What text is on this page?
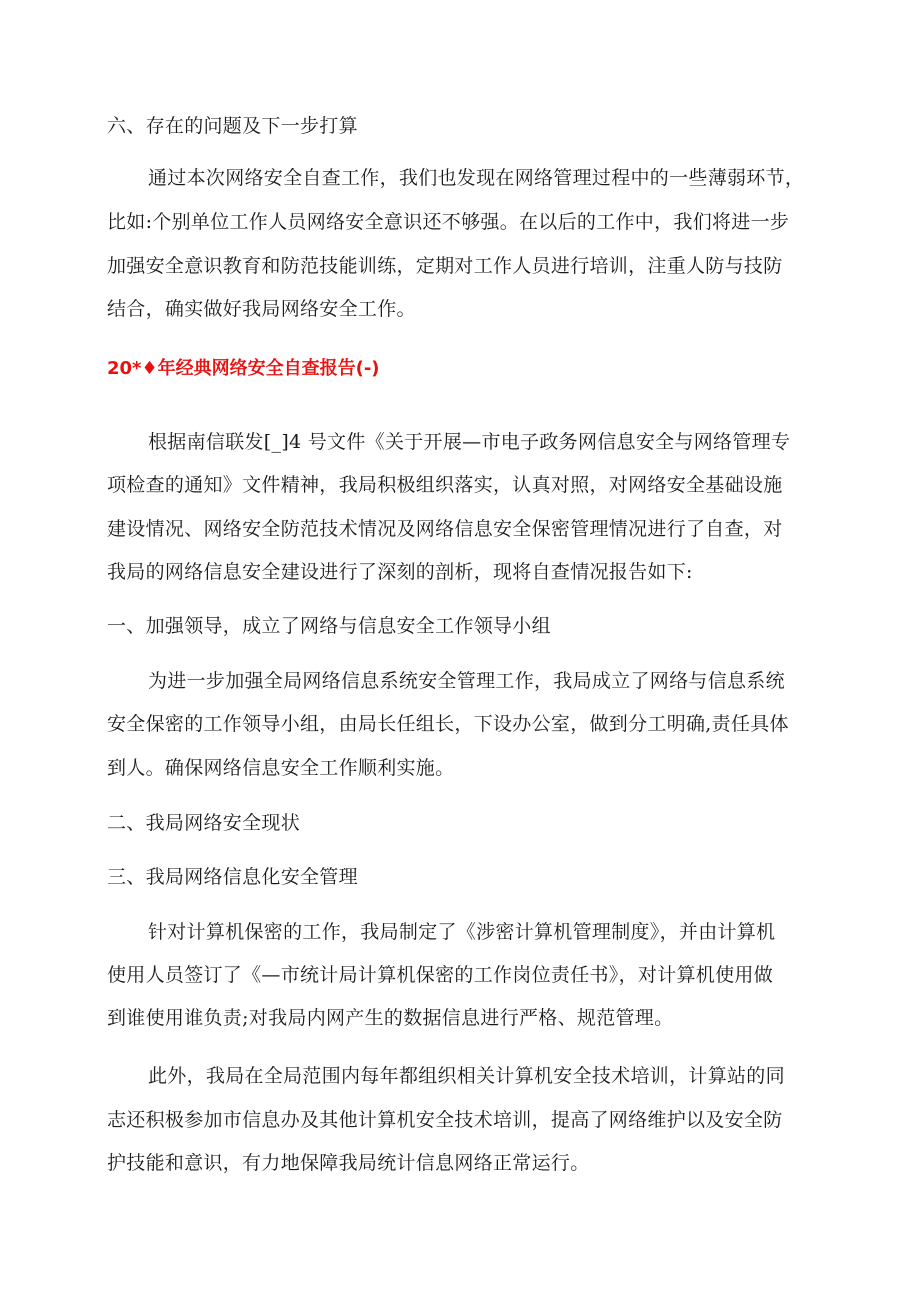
六、存在的问题及下一步打算
通过本次网络安全自查工作，我们也发现在网络管理过程中的一些薄弱环节，
比如:个别单位工作人员网络安全意识还不够强。在以后的工作中，我们将进一步
加强安全意识教育和防范技能训练，定期对工作人员进行培训，注重人防与技防
结合，确实做好我局网络安全工作。
20*♦年经典网络安全自查报告(-)
根据南信联发[_]4 号文件《关于开展—市电子政务网信息安全与网络管理专
项检查的通知》文件精神，我局积极组织落实，认真对照，对网络安全基础设施
建设情况、网络安全防范技术情况及网络信息安全保密管理情况进行了自查，对
我局的网络信息安全建设进行了深刻的剖析，现将自查情况报告如下:
一、加强领导，成立了网络与信息安全工作领导小组
为进一步加强全局网络信息系统安全管理工作，我局成立了网络与信息系统
安全保密的工作领导小组，由局长任组长，下设办公室，做到分工明确,责任具体
到人。确保网络信息安全工作顺利实施。
二、我局网络安全现状
三、我局网络信息化安全管理
针对计算机保密的工作，我局制定了《涉密计算机管理制度》，并由计算机
使用人员签订了《—市统计局计算机保密的工作岗位责任书》，对计算机使用做
到谁使用谁负责;对我局内网产生的数据信息进行严格、规范管理。
此外，我局在全局范围内每年都组织相关计算机安全技术培训，计算站的同
志还积极参加市信息办及其他计算机安全技术培训，提高了网络维护以及安全防
护技能和意识，有力地保障我局统计信息网络正常运行。
